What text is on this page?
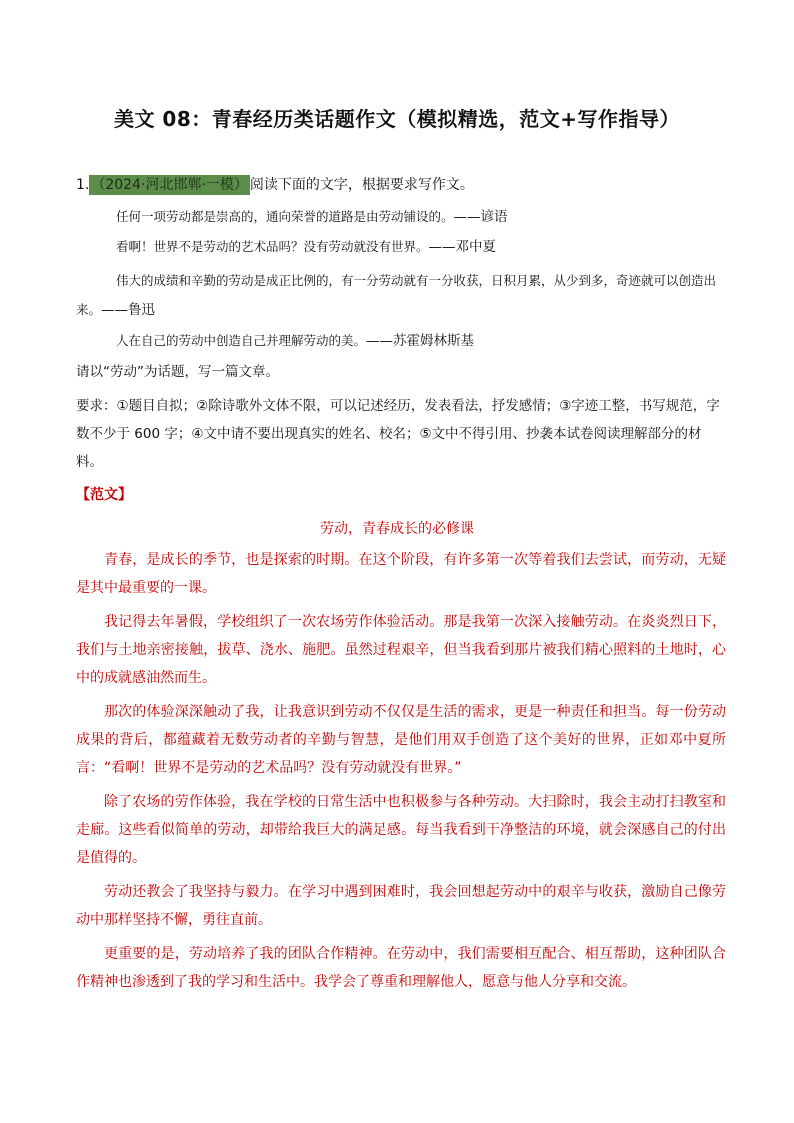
美文 08：青春经历类话题作文（模拟精选，范文+写作指导）
1. （2024·河北邯郸·一模） 阅读下面的文字，根据要求写作文。
任何一项劳动都是崇高的，通向荣誉的道路是由劳动铺设的。——谚语
看啊！世界不是劳动的艺术品吗？没有劳动就没有世界。——邓中夏
伟大的成绩和辛勤的劳动是成正比例的，有一分劳动就有一分收获，日积月累，从少到多，奇迹就可以创造出来。——鲁迅
人在自己的劳动中创造自己并理解劳动的美。——苏霍姆林斯基
请以“劳动”为话题，写一篇文章。
要求：①题目自拟；②除诗歌外文体不限，可以记述经历，发表看法，抒发感情；③字迹工整，书写规范，字数不少于 600 字；④文中请不要出现真实的姓名、校名；⑤文中不得引用、抄袭本试卷阅读理解部分的材料。
【范文】
劳动，青春成长的必修课

青春，是成长的季节，也是探索的时期。在这个阶段，有许多第一次等着我们去尝试，而劳动，无疑是其中最重要的一课。

我记得去年暑假，学校组织了一次农场劳作体验活动。那是我第一次深入接触劳动。在炎炎烈日下，我们与土地亲密接触，拔草、浇水、施肥。虽然过程艰辛，但当我看到那片被我们精心照料的土地时，心中的成就感油然而生。

那次的体验深深触动了我，让我意识到劳动不仅仅是生活的需求，更是一种责任和担当。每一份劳动成果的背后，都蕴藏着无数劳动者的辛勤与智慧，是他们用双手创造了这个美好的世界，正如邓中夏所言：“看啊！世界不是劳动的艺术品吗？没有劳动就没有世界。”

除了农场的劳作体验，我在学校的日常生活中也积极参与各种劳动。大扫除时，我会主动打扫教室和走廊。这些看似简单的劳动，却带给我巨大的满足感。每当我看到干净整洁的环境，就会深感自己的付出是值得的。

劳动还教会了我坚持与毅力。在学习中遇到困难时，我会回想起劳动中的艰辛与收获，激励自己像劳动中那样坚持不懈，勇往直前。

更重要的是，劳动培养了我的团队合作精神。在劳动中，我们需要相互配合、相互帮助，这种团队合作精神也渗透到了我的学习和生活中。我学会了尊重和理解他人，愿意与他人分享和交流。
